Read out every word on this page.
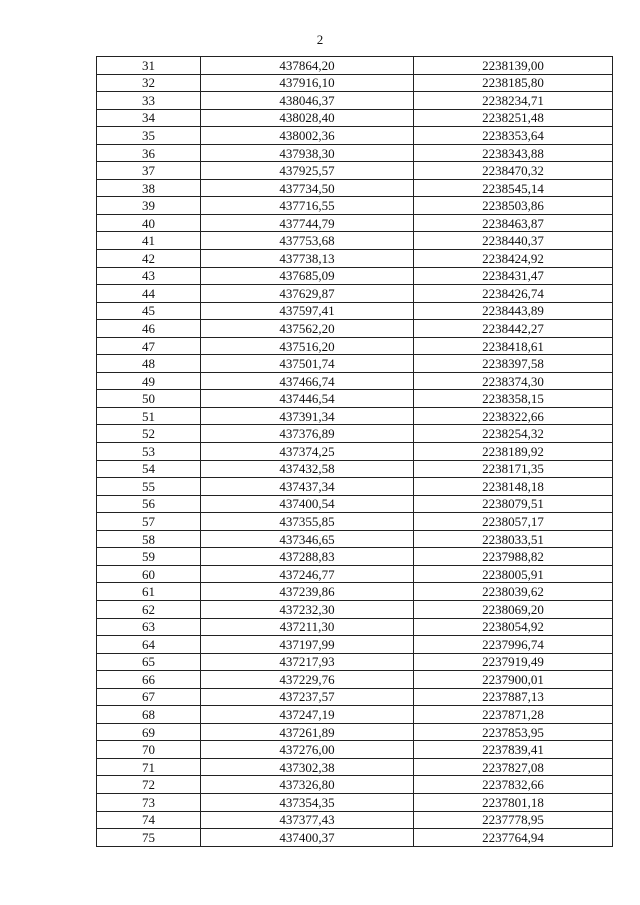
2
31	437864,20	2238139,00
32	437916,10	2238185,80
33	438046,37	2238234,71
34	438028,40	2238251,48
35	438002,36	2238353,64
36	437938,30	2238343,88
37	437925,57	2238470,32
38	437734,50	2238545,14
39	437716,55	2238503,86
40	437744,79	2238463,87
41	437753,68	2238440,37
42	437738,13	2238424,92
43	437685,09	2238431,47
44	437629,87	2238426,74
45	437597,41	2238443,89
46	437562,20	2238442,27
47	437516,20	2238418,61
48	437501,74	2238397,58
49	437466,74	2238374,30
50	437446,54	2238358,15
51	437391,34	2238322,66
52	437376,89	2238254,32
53	437374,25	2238189,92
54	437432,58	2238171,35
55	437437,34	2238148,18
56	437400,54	2238079,51
57	437355,85	2238057,17
58	437346,65	2238033,51
59	437288,83	2237988,82
60	437246,77	2238005,91
61	437239,86	2238039,62
62	437232,30	2238069,20
63	437211,30	2238054,92
64	437197,99	2237996,74
65	437217,93	2237919,49
66	437229,76	2237900,01
67	437237,57	2237887,13
68	437247,19	2237871,28
69	437261,89	2237853,95
70	437276,00	2237839,41
71	437302,38	2237827,08
72	437326,80	2237832,66
73	437354,35	2237801,18
74	437377,43	2237778,95
75	437400,37	2237764,94
